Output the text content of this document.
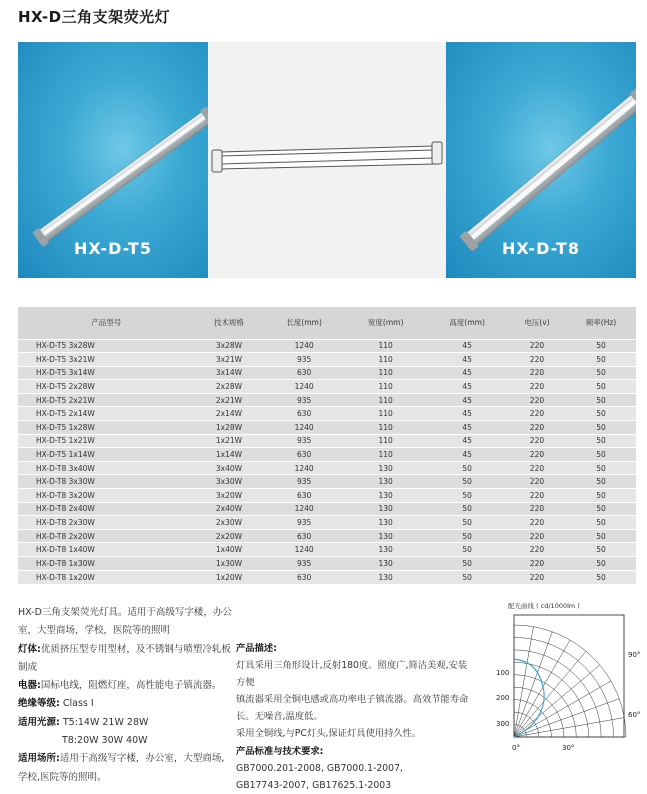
HX-D三角支架荧光灯
HX-D-T5	HX-D-T8
产品型号	技术规格	长度(mm)	宽度(mm)	高度(mm)	电压(v)	频率(Hz)
HX-D-T5 3x28W	3x28W	1240	110	45	220	50
HX-D-T5 3x21W	3x21W	935	110	45	220	50
HX-D-T5 3x14W	3x14W	630	110	45	220	50
HX-D-T5 2x28W	2x28W	1240	110	45	220	50
HX-D-T5 2x21W	2x21W	935	110	45	220	50
HX-D-T5 2x14W	2x14W	630	110	45	220	50
HX-D-T5 1x28W	1x28W	1240	110	45	220	50
HX-D-T5 1x21W	1x21W	935	110	45	220	50
HX-D-T5 1x14W	1x14W	630	110	45	220	50
HX-D-T8 3x40W	3x40W	1240	130	50	220	50
HX-D-T8 3x30W	3x30W	935	130	50	220	50
HX-D-T8 3x20W	3x20W	630	130	50	220	50
HX-D-T8 2x40W	2x40W	1240	130	50	220	50
HX-D-T8 2x30W	2x30W	935	130	50	220	50
HX-D-T8 2x20W	2x20W	630	130	50	220	50
HX-D-T8 1x40W	1x40W	1240	130	50	220	50
HX-D-T8 1x30W	1x30W	935	130	50	220	50
HX-D-T8 1x20W	1x20W	630	130	50	220	50
HX-D三角支架荧光灯具。适用于高级写字楼，办公室，大型商场，学校，医院等的照明
灯体:优质挤压型专用型材，及不锈钢与喷塑冷轧板制成
电器:国标电线，阻燃灯座，高性能电子镇流器。
绝缘等级: Class I
适用光源: T5:14W 21W 28W
T8:20W 30W 40W
适用场所:适用于高级写字楼，办公室，大型商场,学校,医院等的照明。
产品描述:
灯具采用三角形设计,反射180度。照度广,简洁美观,安装方便
镇流器采用全铜电感或高功率电子镇流器。高效节能寿命长。无噪音,温度低。
采用全铜线,与PC灯头,保证灯具使用持久性。
产品标准与技术要求:
GB7000.201-2008, GB7000.1-2007,
GB17743-2007, GB17625.1-2003
配光曲线 ( cd/1000lm )
100
200
300
90°
60°
0°	30°
